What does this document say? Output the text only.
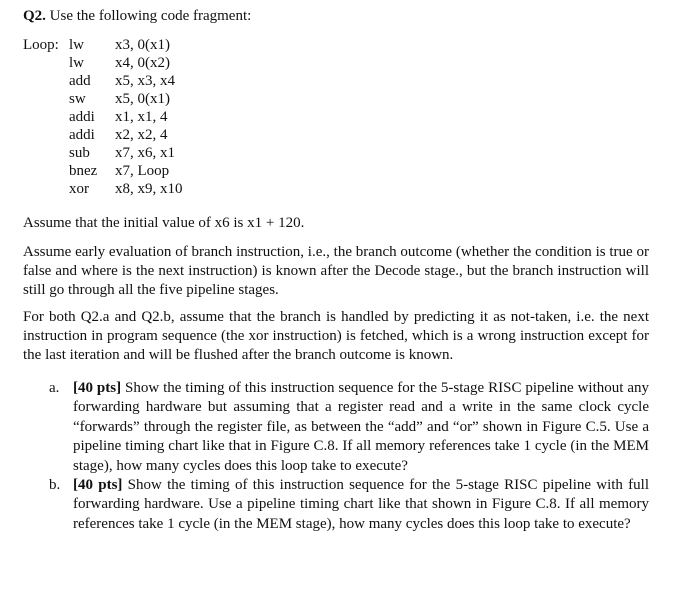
Q2. Use the following code fragment:
Loop: lw	x3, 0(x1)
lw	x4, 0(x2)
add	x5, x3, x4
sw	x5, 0(x1)
addi	x1, x1, 4
addi	x2, x2, 4
sub	x7, x6, x1
bnez	x7, Loop
xor	x8, x9, x10

Assume that the initial value of x6 is x1 + 120.

Assume early evaluation of branch instruction, i.e., the branch outcome (whether the condition is true or false and where is the next instruction) is known after the Decode stage., but the branch instruction will still go through all the five pipeline stages.

For both Q2.a and Q2.b, assume that the branch is handled by predicting it as not-taken, i.e. the next instruction in program sequence (the xor instruction) is fetched, which is a wrong instruction except for the last iteration and will be flushed after the branch outcome is known.

a. [40 pts] Show the timing of this instruction sequence for the 5-stage RISC pipeline without any forwarding hardware but assuming that a register read and a write in the same clock cycle “forwards” through the register file, as between the “add” and “or” shown in Figure C.5. Use a pipeline timing chart like that in Figure C.8. If all memory references take 1 cycle (in the MEM stage), how many cycles does this loop take to execute?
b. [40 pts] Show the timing of this instruction sequence for the 5-stage RISC pipeline with full forwarding hardware. Use a pipeline timing chart like that shown in Figure C.8. If all memory references take 1 cycle (in the MEM stage), how many cycles does this loop take to execute?
